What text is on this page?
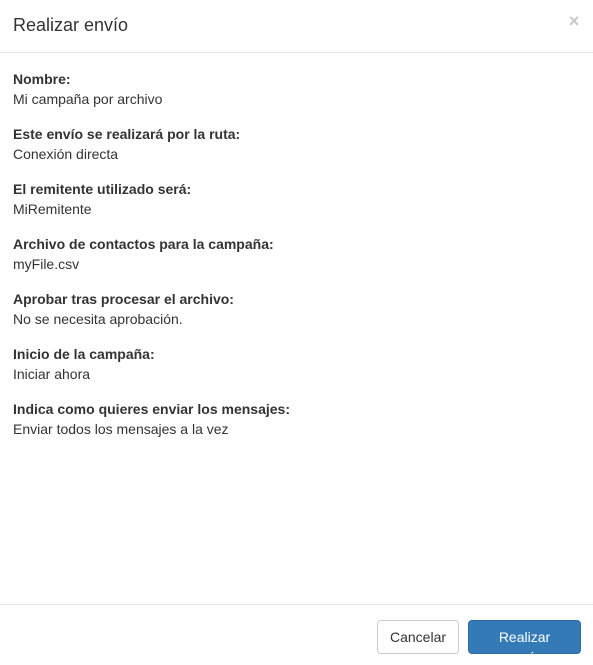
Realizar envío	×
Nombre:
Mi campaña por archivo
Este envío se realizará por la ruta:
Conexión directa
El remitente utilizado será:
MiRemitente
Archivo de contactos para la campaña:
myFile.csv
Aprobar tras procesar el archivo:
No se necesita aprobación.
Inicio de la campaña:
Iniciar ahora
Indica como quieres enviar los mensajes:
Enviar todos los mensajes a la vez
Cancelar	Realizar envío
